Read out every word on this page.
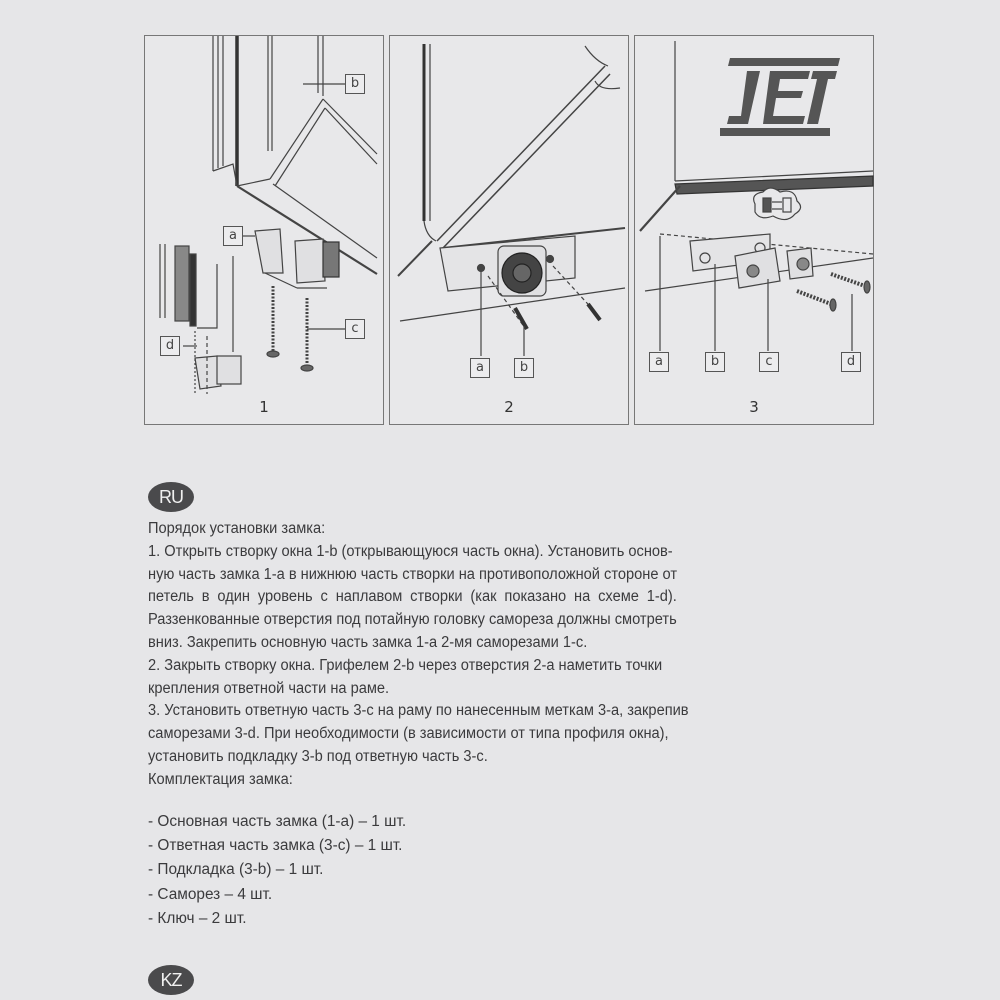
b
a
c
d
1
a	b
2
a	b	c	d
3
RU

Порядок установки замка:

1. Открыть створку окна 1-b (открывающуюся часть окна). Установить основ-

ную часть замка 1-а в нижнюю часть створки на противоположной стороне от

петель в один уровень с наплавом створки (как показано на схеме 1-d).

Раззенкованные отверстия под потайную головку самореза должны смотреть

вниз. Закрепить основную часть замка 1-а 2-мя саморезами 1-с.

2. Закрыть створку окна. Грифелем 2-b через отверстия 2-а наметить точки

крепления ответной части на раме.

3. Установить ответную часть 3-с на раму по нанесенным меткам 3-а, закрепив

саморезами 3-d. При необходимости (в зависимости от типа профиля окна),

установить подкладку 3-b под ответную часть 3-с.

Комплектация замка:

- Основная часть замка (1-а) – 1 шт.

- Ответная часть замка (3-с) – 1 шт.

- Подкладка (3-b) – 1 шт.

- Саморез – 4 шт.

- Ключ – 2 шт.

KZ
